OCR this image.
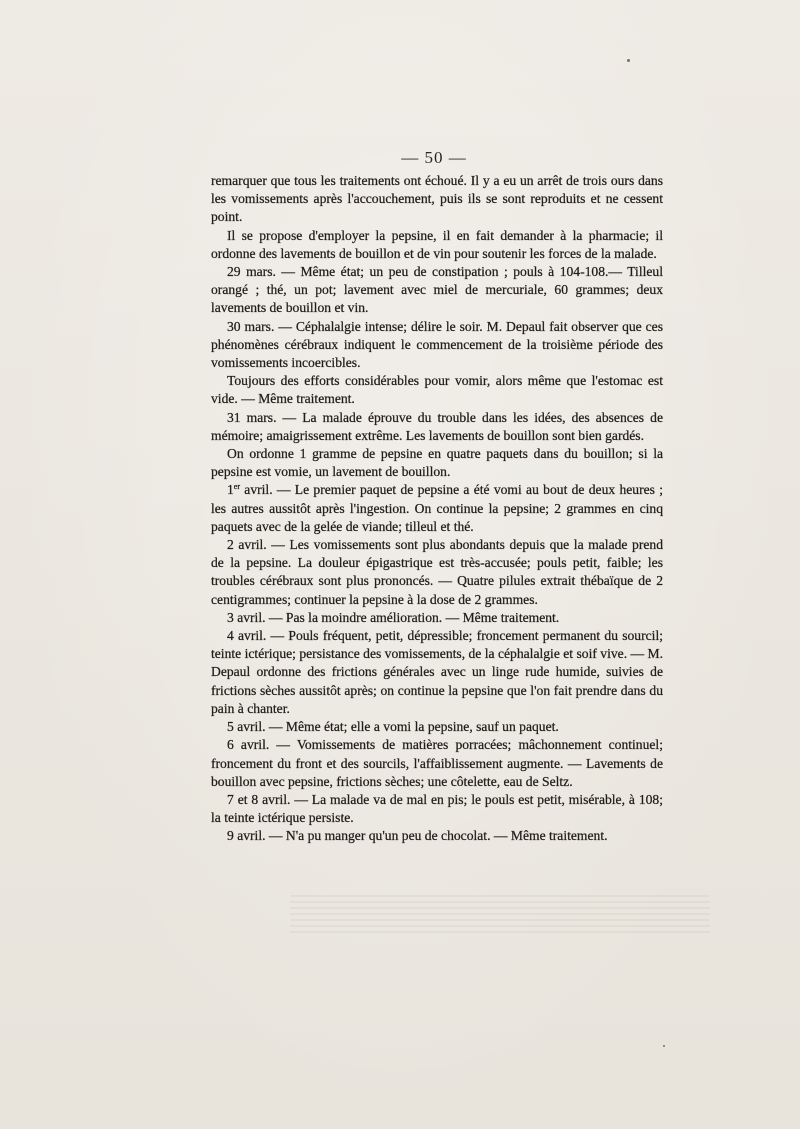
— 50 —

remarquer que tous les traitements ont échoué. Il y a eu un arrêt de trois ours dans les vomissements après l'accouchement, puis ils se sont reproduits et ne cessent point.

Il se propose d'employer la pepsine, il en fait demander à la pharmacie; il ordonne des lavements de bouillon et de vin pour soutenir les forces de la malade.

29 mars. — Même état; un peu de constipation ; pouls à 104-108.— Tilleul orangé ; thé, un pot; lavement avec miel de mercuriale, 60 grammes; deux lavements de bouillon et vin.

30 mars. — Céphalalgie intense; délire le soir. M. Depaul fait observer que ces phénomènes cérébraux indiquent le commencement de la troisième période des vomissements incoercibles.

Toujours des efforts considérables pour vomir, alors même que l'estomac est vide. — Même traitement.

31 mars. — La malade éprouve du trouble dans les idées, des absences de mémoire; amaigrissement extrême. Les lavements de bouillon sont bien gardés.

On ordonne 1 gramme de pepsine en quatre paquets dans du bouillon; si la pepsine est vomie, un lavement de bouillon.

1er avril. — Le premier paquet de pepsine a été vomi au bout de deux heures ; les autres aussitôt après l'ingestion. On continue la pepsine; 2 grammes en cinq paquets avec de la gelée de viande; tilleul et thé.

2 avril. — Les vomissements sont plus abondants depuis que la malade prend de la pepsine. La douleur épigastrique est très-accusée; pouls petit, faible; les troubles cérébraux sont plus prononcés. — Quatre pilules extrait thébaïque de 2 centigrammes; continuer la pepsine à la dose de 2 grammes.

3 avril. — Pas la moindre amélioration. — Même traitement.

4 avril. — Pouls fréquent, petit, dépressible; froncement permanent du sourcil; teinte ictérique; persistance des vomissements, de la céphalalgie et soif vive. — M. Depaul ordonne des frictions générales avec un linge rude humide, suivies de frictions sèches aussitôt après; on continue la pepsine que l'on fait prendre dans du pain à chanter.

5 avril. — Même état; elle a vomi la pepsine, sauf un paquet.

6 avril. — Vomissements de matières porracées; mâchonnement continuel; froncement du front et des sourcils, l'affaiblissement augmente. — Lavements de bouillon avec pepsine, frictions sèches; une côtelette, eau de Seltz.

7 et 8 avril. — La malade va de mal en pis; le pouls est petit, misérable, à 108; la teinte ictérique persiste.

9 avril. — N'a pu manger qu'un peu de chocolat. — Même traitement.
